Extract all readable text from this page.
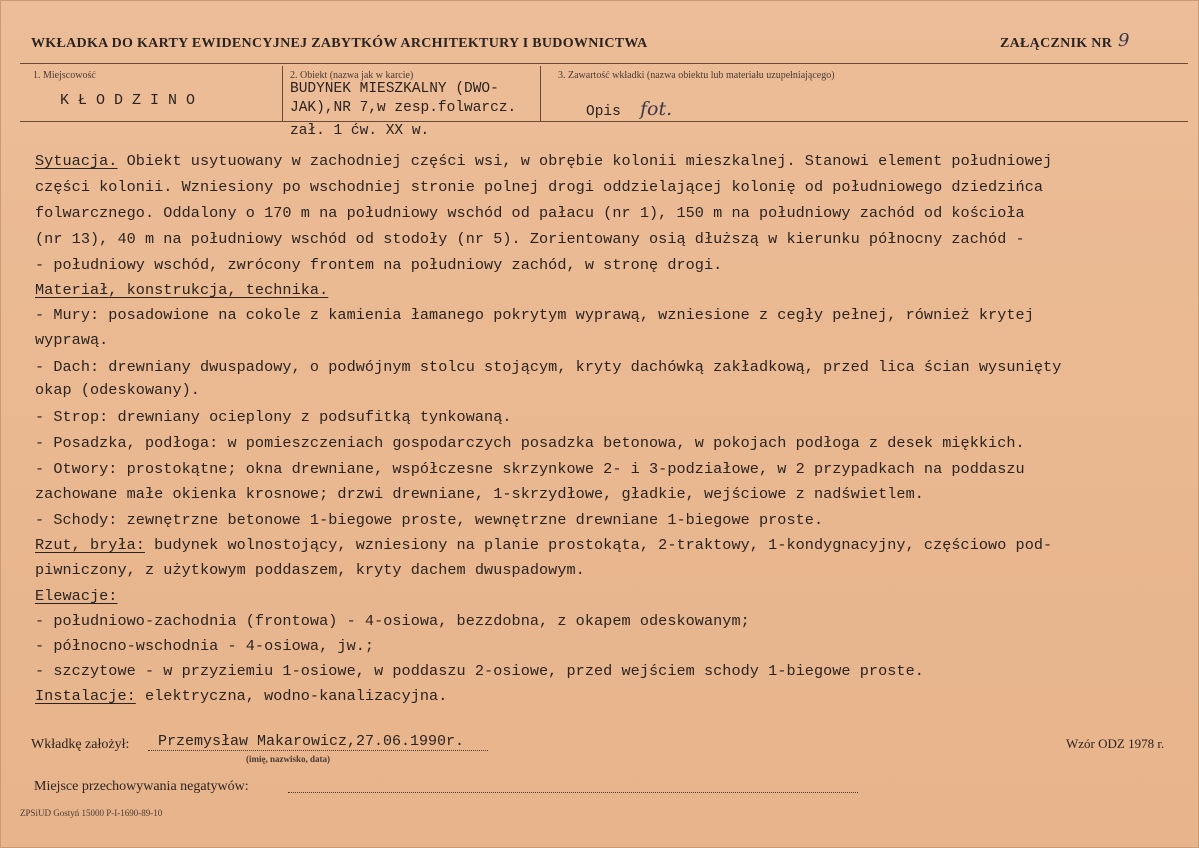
WKŁADKA DO KARTY EWIDENCYJNEJ ZABYTKÓW ARCHITEKTURY I BUDOWNICTWA	ZAŁĄCZNIK NR 9
1. Miejscowość
K Ł O D Z I N O
2. Obiekt (nazwa jak w karcie)
BUDYNEK MIESZKALNY (DWO-
JAK),NR 7,w zesp.folwarcz.
zał. 1 ćw. XX w.
3. Zawartość wkładki (nazwa obiektu lub materiału uzupełniającego)
Opis fot.
Sytuacja. Obiekt usytuowany w zachodniej części wsi, w obrębie kolonii mieszkalnej. Stanowi element południowej
części kolonii. Wzniesiony po wschodniej stronie polnej drogi oddzielającej kolonię od południowego dziedzińca
folwarcznego. Oddalony o 170 m na południowy wschód od pałacu (nr 1), 150 m na południowy zachód od kościoła
(nr 13), 40 m na południowy wschód od stodoły (nr 5). Zorientowany osią dłuższą w kierunku północny zachód -
- południowy wschód, zwrócony frontem na południowy zachód, w stronę drogi.
Materiał, konstrukcja, technika.
- Mury: posadowione na cokole z kamienia łamanego pokrytym wyprawą, wzniesione z cegły pełnej, również krytej
wyprawą.
- Dach: drewniany dwuspadowy, o podwójnym stolcu stojącym, kryty dachówką zakładkową, przed lica ścian wysunięty
okap (odeskowany).
- Strop: drewniany ocieplony z podsufitką tynkowaną.
- Posadzka, podłoga: w pomieszczeniach gospodarczych posadzka betonowa, w pokojach podłoga z desek miękkich.
- Otwory: prostokątne; okna drewniane, współczesne skrzynkowe 2- i 3-podziałowe, w 2 przypadkach na poddaszu
zachowane małe okienka krosnowe; drzwi drewniane, 1-skrzydłowe, gładkie, wejściowe z nadświetlem.
- Schody: zewnętrzne betonowe 1-biegowe proste, wewnętrzne drewniane 1-biegowe proste.
Rzut, bryła: budynek wolnostojący, wzniesiony na planie prostokąta, 2-traktowy, 1-kondygnacyjny, częściowo pod-
piwniczony, z użytkowym poddaszem, kryty dachem dwuspadowym.
Elewacje:
- południowo-zachodnia (frontowa) - 4-osiowa, bezzdobna, z okapem odeskowanym;
- północno-wschodnia - 4-osiowa, jw.;
- szczytowe - w przyziemiu 1-osiowe, w poddaszu 2-osiowe, przed wejściem schody 1-biegowe proste.
Instalacje: elektryczna, wodno-kanalizacyjna.
Wkładkę założył: Przemysław Makarowicz,27.06.1990r.
(imię, nazwisko, data)
Wzór ODZ 1978 r.
Miejsce przechowywania negatywów:
ZPSiUD Gostyń 15000 P-I-1690-89-10
